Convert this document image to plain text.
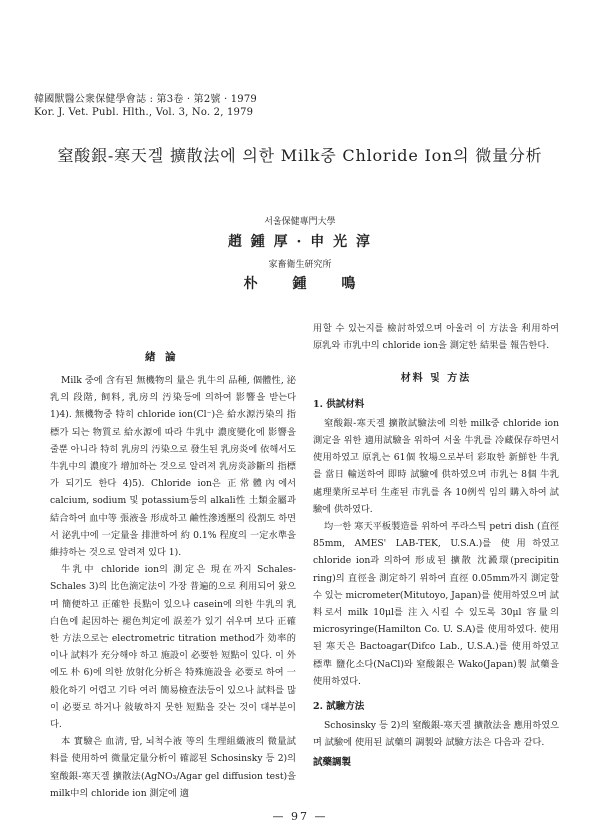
韓國獸醫公衆保健學會誌 : 第3卷 · 第2號 · 1979
Kor. J. Vet. Publ. Hlth., Vol. 3, No. 2, 1979
窒酸銀-寒天겔 擴散法에 의한 Milk중 Chloride Ion의 微量分析
서울保健專門大學
趙 鍾 厚 · 申 光 淳
家畜衛生硏究所
朴 鍾 鳴
緖 論

Milk 중에 含有된 無機物의 量은 乳牛의 品種, 個體性, 泌乳의 段階, 飼料, 乳房의 汚染등에 의하여 影響을 받는다 1)4). 無機物중 特히 chloride ion(Cl⁻)은 給水源汚染의 指標가 되는 物質로 給水源에 따라 牛乳中 濃度變化에 影響을 줄뿐 아니라 特히 乳房의 汚染으로 發生된 乳房炎에 依해서도 牛乳中의 濃度가 增加하는 것으로 알려져 乳房炎診斷의 指標가 되기도 한다 4)5). Chloride ion은 正常體內에서 calcium, sodium 및 potassium등의 alkali性 土類金屬과 結合하여 血中等 張液을 形成하고 鹼性滲透壓의 役割도 하면서 泌乳中에 一定量을 排泄하여 約 0.1% 程度의 一定水準을 維持하는 것으로 알려져 있다 1).

牛乳中 chloride ion의 測定은 現在까지 Schales-Schales 3)의 比色滴定法이 가장 普遍的으로 利用되어 왔으며 簡便하고 正確한 長點이 있으나 casein에 의한 牛乳의 乳白色에 起因하는 褪色判定에 誤差가 있기 쉬우며 보다 正確한 方法으로는 electrometric titration method가 効率的이나 試料가 充分해야 하고 施設이 必要한 短點이 있다. 이 外에도 朴 6)에 의한 放射化分析은 特殊施設을 必要로 하여 一般化하기 어렵고 기타 여러 簡易檢查法등이 있으나 試料를 많이 必要로 하거나 敍敏하지 못한 短點을 갖는 것이 대부분이다.

本 實驗은 血淸, 땀, 뇌척수液 等의 生理組織液의 微量試料를 使用하여 微量定量分析이 確認된 Schosinsky 등 2)의 窒酸銀-寒天겔 擴散法(AgNO₃/Agar gel diffusion test)을 milk中의 chloride ion 測定에 適

用할 수 있는지를 檢討하였으며 아울러 이 方法을 利用하여 原乳와 市乳中의 chloride ion을 測定한 結果를 報告한다.

材料 및 方法
1. 供試材料

窒酸銀-寒天겔 擴散試驗法에 의한 milk중 chloride ion 測定을 위한 適用試驗을 위하여 서울 牛乳를 冷藏保存하면서 使用하였고 原乳는 61個 牧場으로부터 彩取한 新鮮한 牛乳를 當日 輸送하여 即時 試驗에 供하였으며 市乳는 8個 牛乳處理業所로부터 生產된 市乳를 各 10例씩 임의 購入하여 試驗에 供하였다.

均一한 寒天平板製造를 위하여 푸라스틱 petri dish (直徑 85mm, AMES' LAB-TEK, U.S.A.)를 使用하였고 chloride ion과 의하여 形成된 擴散 沈澱環(precipitin ring)의 直徑을 測定하기 위하여 直徑 0.05mm까지 測定할 수 있는 micrometer(Mitutoyo, Japan)를 使用하였으며 試料로서 milk 10μl를 注入시킬 수 있도록 30μl 容量의 microsyringe(Hamilton Co. U. S.A)를 使用하였다. 使用된 寒天은 Bactoagar(Difco Lab., U.S.A.)를 使用하였고 標準 鹽化소다(NaCl)와 窒酸銀은 Wako(Japan)製 試藥을 使用하였다.

2. 試驗方法

Schosinsky 등 2)의 窒酸銀-寒天겔 擴散法을 應用하였으며 試驗에 使用된 試藥의 調製와 試驗方法은 다음과 같다.

試藥調製
— 97 —
